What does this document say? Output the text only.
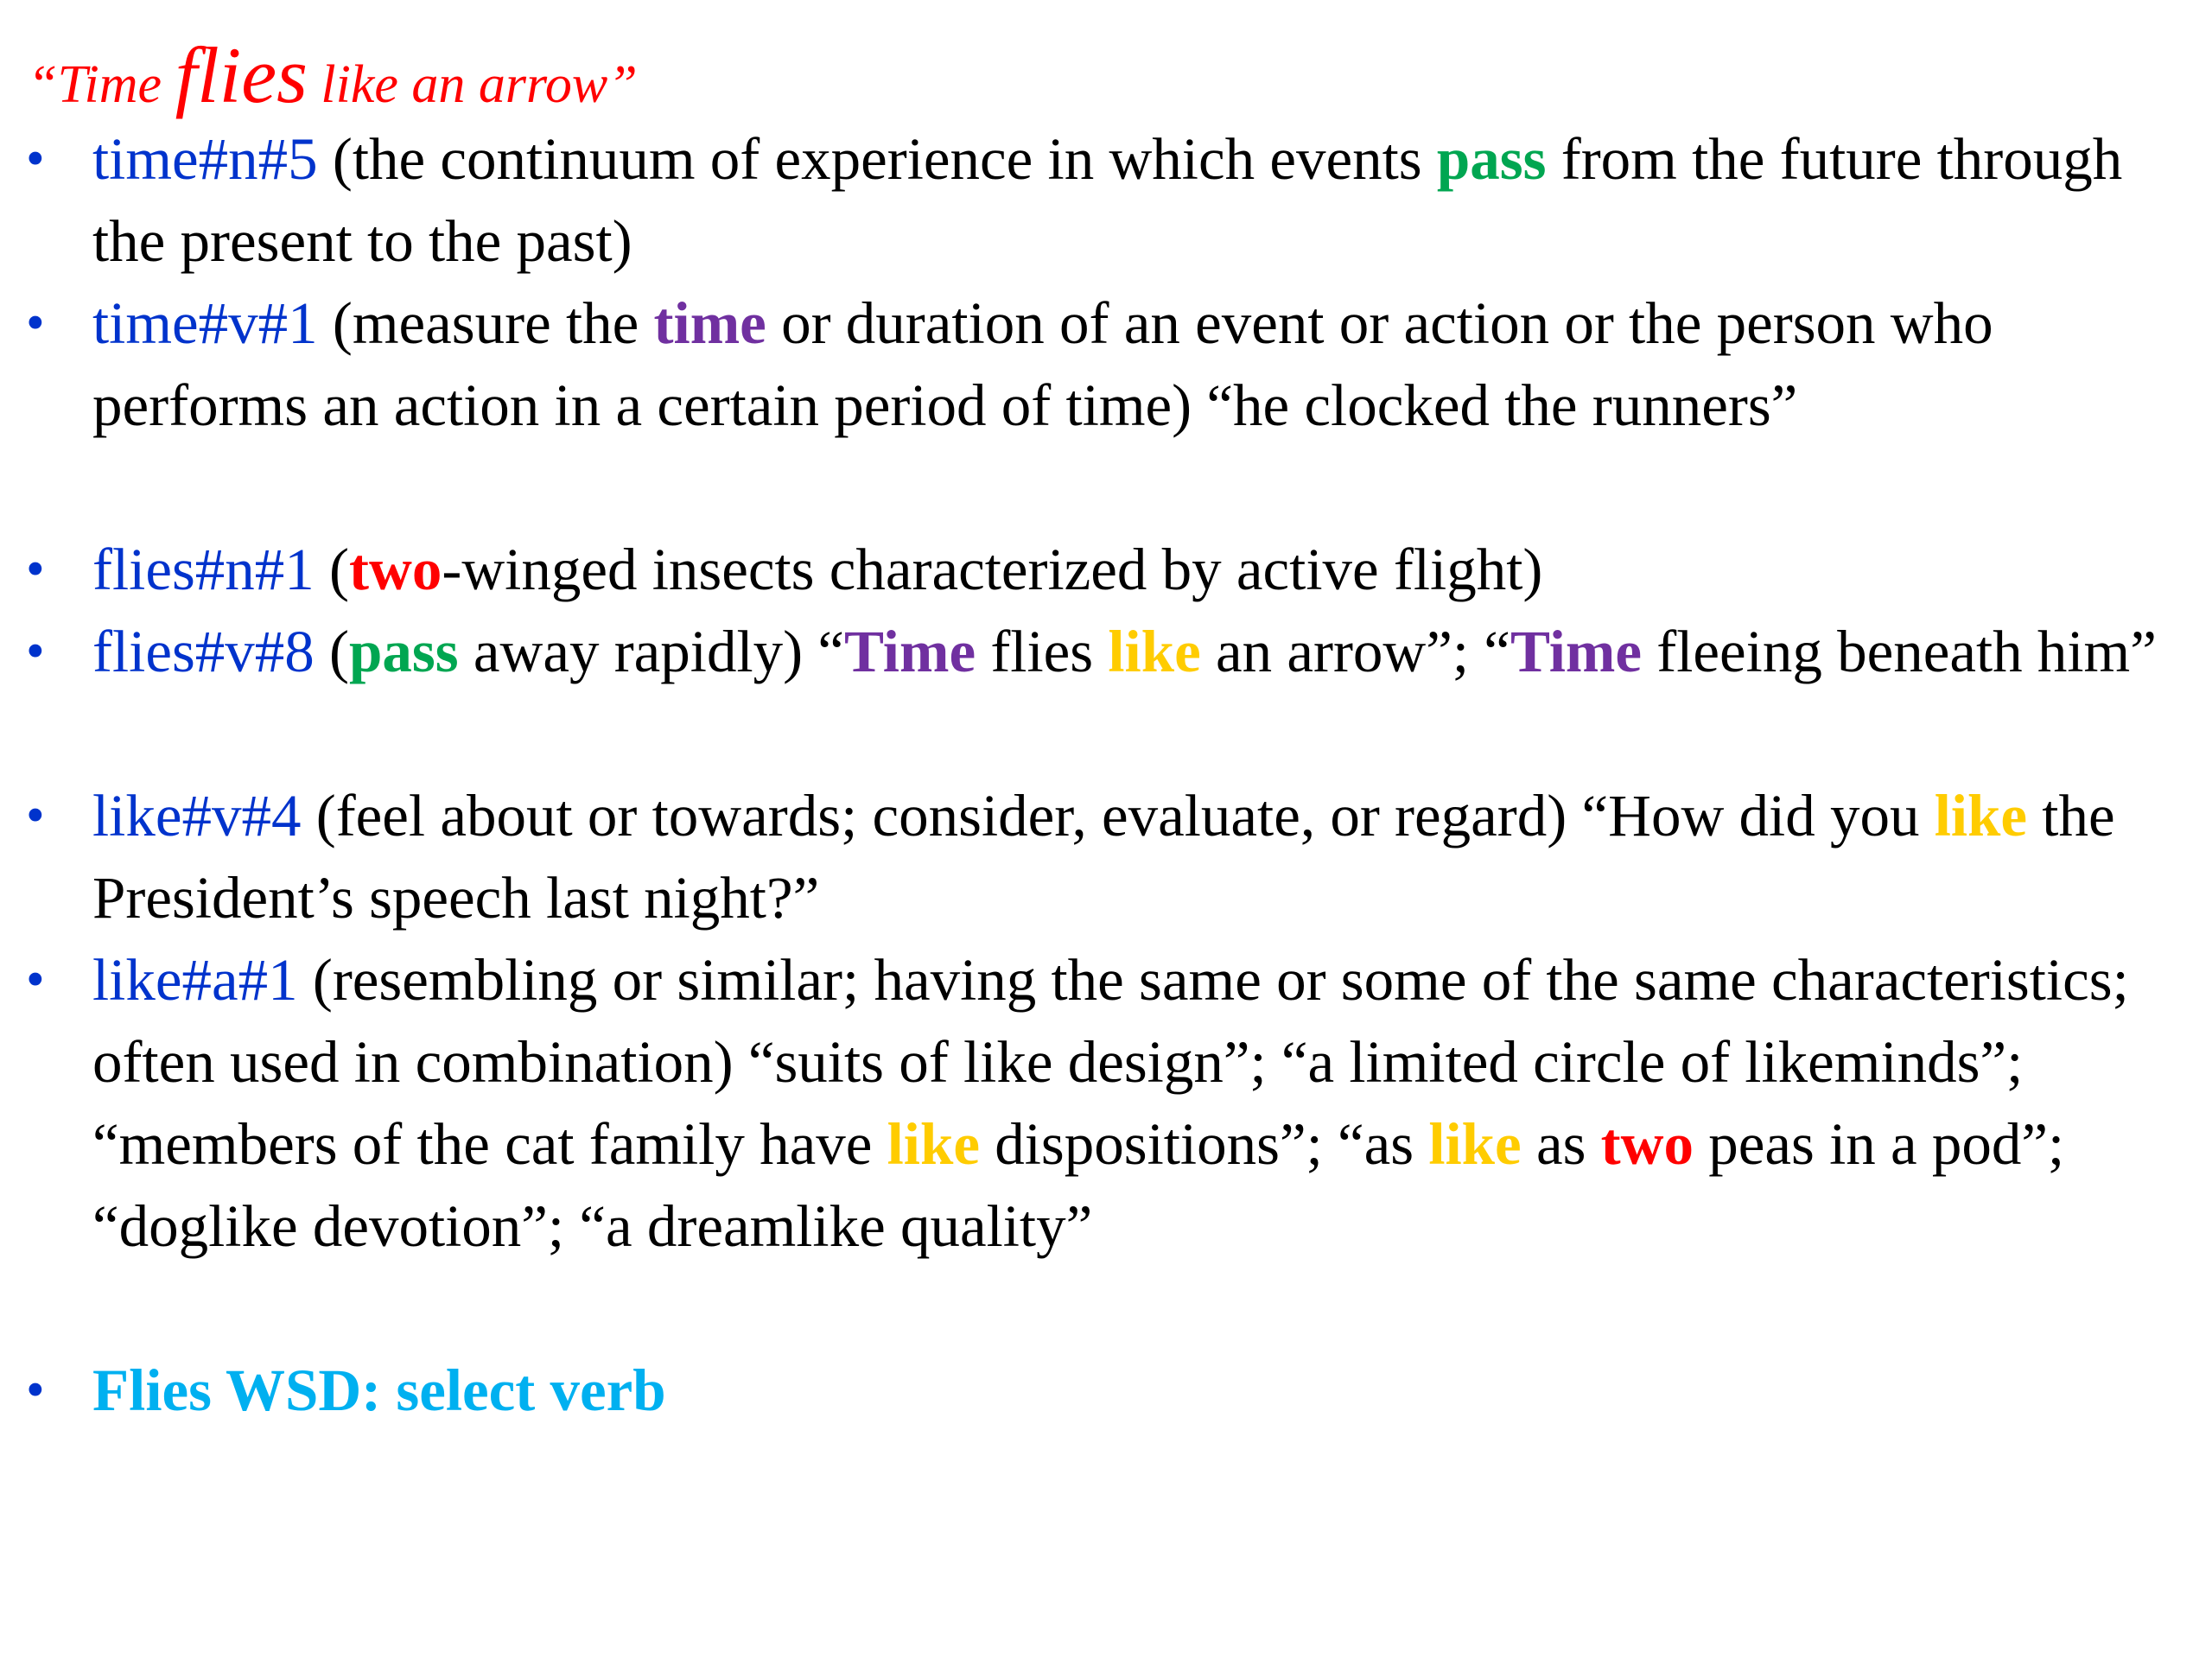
“Time flies like an arrow”
• time#n#5 (the continuum of experience in which events pass from the future through the present to the past)
• time#v#1 (measure the time or duration of an event or action or the person who performs an action in a certain period of time) “he clocked the runners”
• flies#n#1 (two-winged insects characterized by active flight)
• flies#v#8 (pass away rapidly) “Time flies like an arrow”; “Time fleeing beneath him”
• like#v#4 (feel about or towards; consider, evaluate, or regard) “How did you like the President’s speech last night?”
• like#a#1 (resembling or similar; having the same or some of the same characteristics; often used in combination) “suits of like design”; “a limited circle of likeminds”; “members of the cat family have like dispositions”; “as like as two peas in a pod”; “doglike devotion”; “a dreamlike quality”
• Flies WSD: select verb
